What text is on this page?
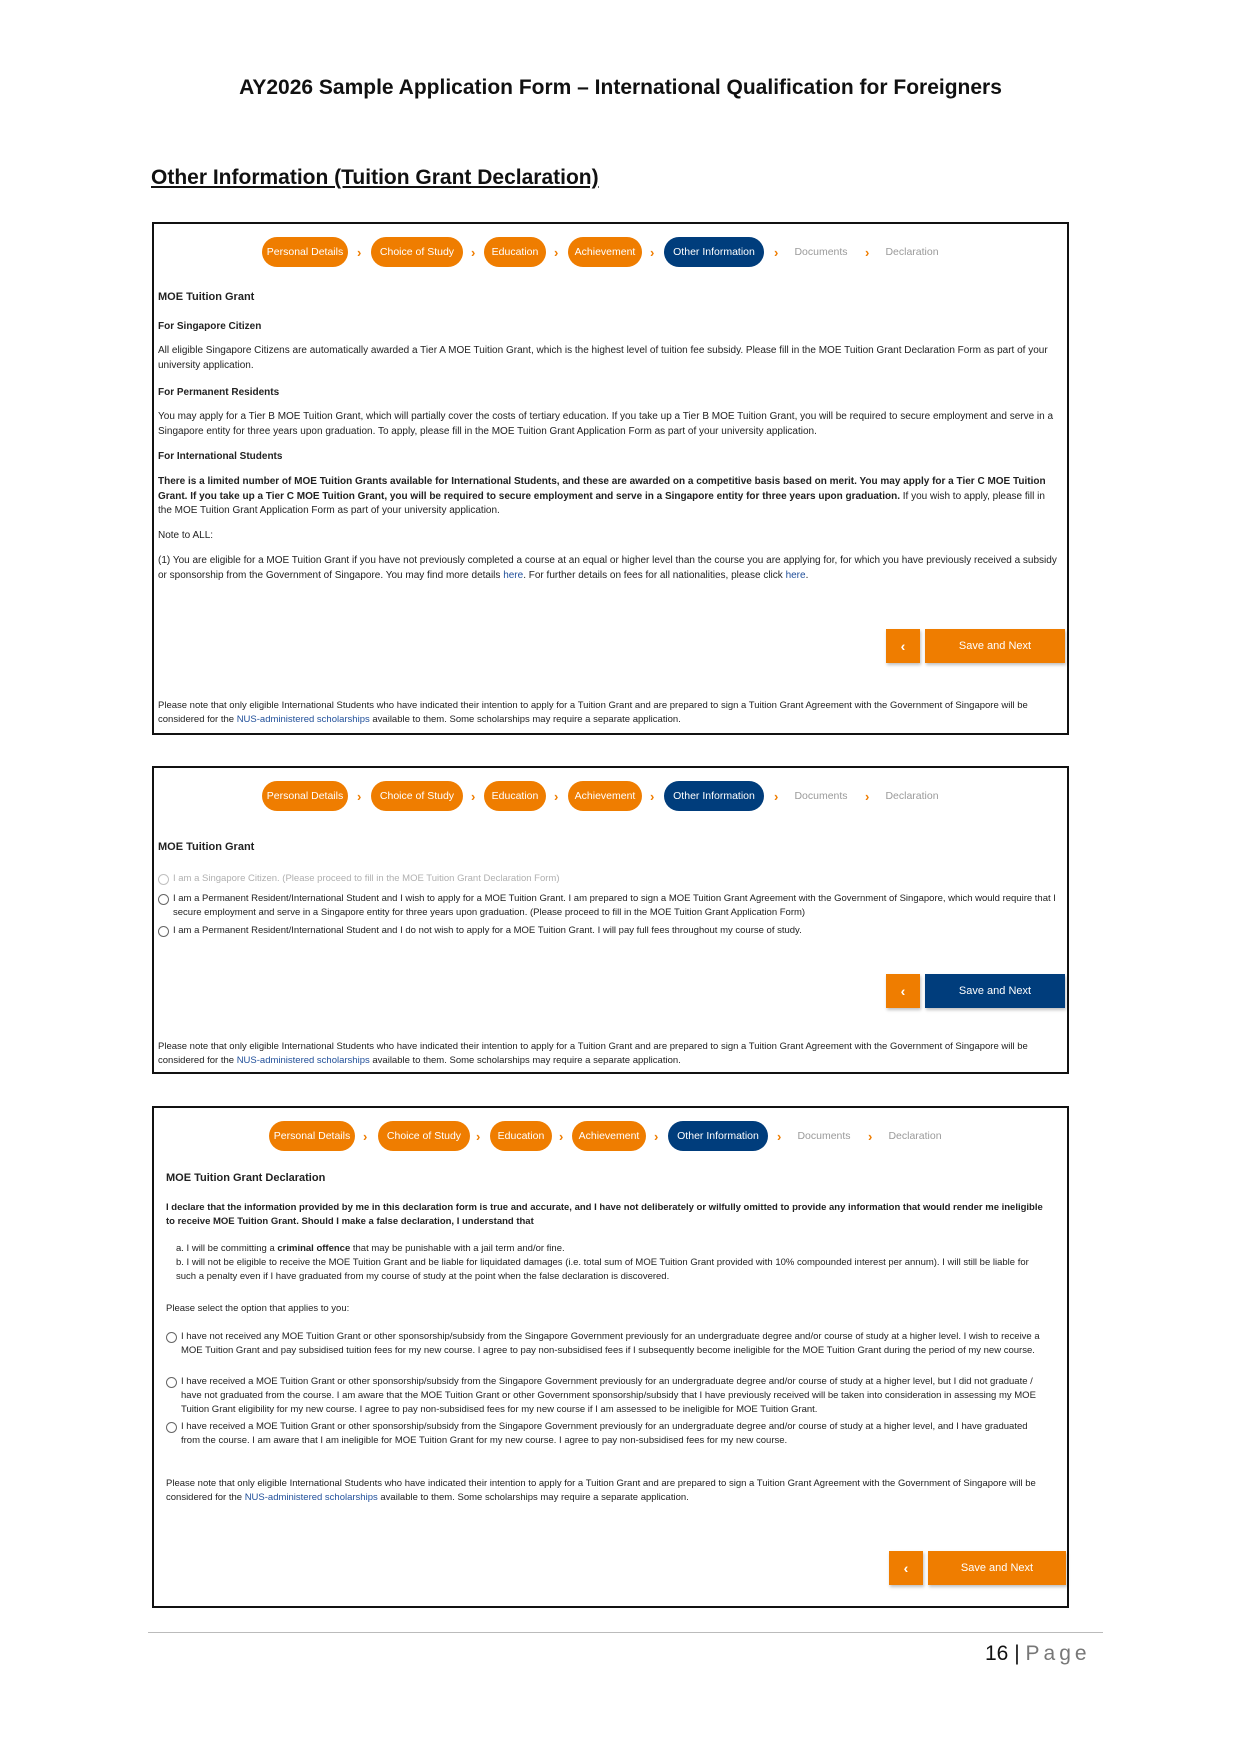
AY2026 Sample Application Form – International Qualification for Foreigners
Other Information (Tuition Grant Declaration)
Personal Details	›	Choice of Study	›	Education	›	Achievement	›	Other Information	›	Documents	›	Declaration
MOE Tuition Grant
For Singapore Citizen
All eligible Singapore Citizens are automatically awarded a Tier A MOE Tuition Grant, which is the highest level of tuition fee subsidy. Please fill in the MOE Tuition Grant Declaration Form as part of your university application.
For Permanent Residents
You may apply for a Tier B MOE Tuition Grant, which will partially cover the costs of tertiary education. If you take up a Tier B MOE Tuition Grant, you will be required to secure employment and serve in a Singapore entity for three years upon graduation. To apply, please fill in the MOE Tuition Grant Application Form as part of your university application.
For International Students
There is a limited number of MOE Tuition Grants available for International Students, and these are awarded on a competitive basis based on merit. You may apply for a Tier C MOE Tuition Grant. If you take up a Tier C MOE Tuition Grant, you will be required to secure employment and serve in a Singapore entity for three years upon graduation. If you wish to apply, please fill in the MOE Tuition Grant Application Form as part of your university application.
Note to ALL:
(1) You are eligible for a MOE Tuition Grant if you have not previously completed a course at an equal or higher level than the course you are applying for, for which you have previously received a subsidy or sponsorship from the Government of Singapore. You may find more details here. For further details on fees for all nationalities, please click here.
‹	Save and Next
Please note that only eligible International Students who have indicated their intention to apply for a Tuition Grant and are prepared to sign a Tuition Grant Agreement with the Government of Singapore will be considered for the NUS-administered scholarships available to them. Some scholarships may require a separate application.
Personal Details	›	Choice of Study	›	Education	›	Achievement	›	Other Information	›	Documents	›	Declaration
MOE Tuition Grant
I am a Singapore Citizen. (Please proceed to fill in the MOE Tuition Grant Declaration Form)
I am a Permanent Resident/International Student and I wish to apply for a MOE Tuition Grant. I am prepared to sign a MOE Tuition Grant Agreement with the Government of Singapore, which would require that I secure employment and serve in a Singapore entity for three years upon graduation. (Please proceed to fill in the MOE Tuition Grant Application Form)
I am a Permanent Resident/International Student and I do not wish to apply for a MOE Tuition Grant. I will pay full fees throughout my course of study.
‹	Save and Next
Please note that only eligible International Students who have indicated their intention to apply for a Tuition Grant and are prepared to sign a Tuition Grant Agreement with the Government of Singapore will be considered for the NUS-administered scholarships available to them. Some scholarships may require a separate application.
Personal Details ›	Choice of Study	›	Education	›	Achievement	›	Other Information	›	Documents	›	Declaration
MOE Tuition Grant Declaration
I declare that the information provided by me in this declaration form is true and accurate, and I have not deliberately or wilfully omitted to provide any information that would render me ineligible to receive MOE Tuition Grant. Should I make a false declaration, I understand that
a. I will be committing a criminal offence that may be punishable with a jail term and/or fine.
b. I will not be eligible to receive the MOE Tuition Grant and be liable for liquidated damages (i.e. total sum of MOE Tuition Grant provided with 10% compounded interest per annum). I will still be liable for such a penalty even if I have graduated from my course of study at the point when the false declaration is discovered.
Please select the option that applies to you:
I have not received any MOE Tuition Grant or other sponsorship/subsidy from the Singapore Government previously for an undergraduate degree and/or course of study at a higher level. I wish to receive a MOE Tuition Grant and pay subsidised tuition fees for my new course. I agree to pay non-subsidised fees if I subsequently become ineligible for the MOE Tuition Grant during the period of my new course.
I have received a MOE Tuition Grant or other sponsorship/subsidy from the Singapore Government previously for an undergraduate degree and/or course of study at a higher level, but I did not graduate / have not graduated from the course. I am aware that the MOE Tuition Grant or other Government sponsorship/subsidy that I have previously received will be taken into consideration in assessing my MOE Tuition Grant eligibility for my new course. I agree to pay non-subsidised fees for my new course if I am assessed to be ineligible for MOE Tuition Grant.
I have received a MOE Tuition Grant or other sponsorship/subsidy from the Singapore Government previously for an undergraduate degree and/or course of study at a higher level, and I have graduated from the course. I am aware that I am ineligible for MOE Tuition Grant for my new course. I agree to pay non-subsidised fees for my new course.
Please note that only eligible International Students who have indicated their intention to apply for a Tuition Grant and are prepared to sign a Tuition Grant Agreement with the Government of Singapore will be considered for the NUS-administered scholarships available to them. Some scholarships may require a separate application.
‹	Save and Next
16 | Page
